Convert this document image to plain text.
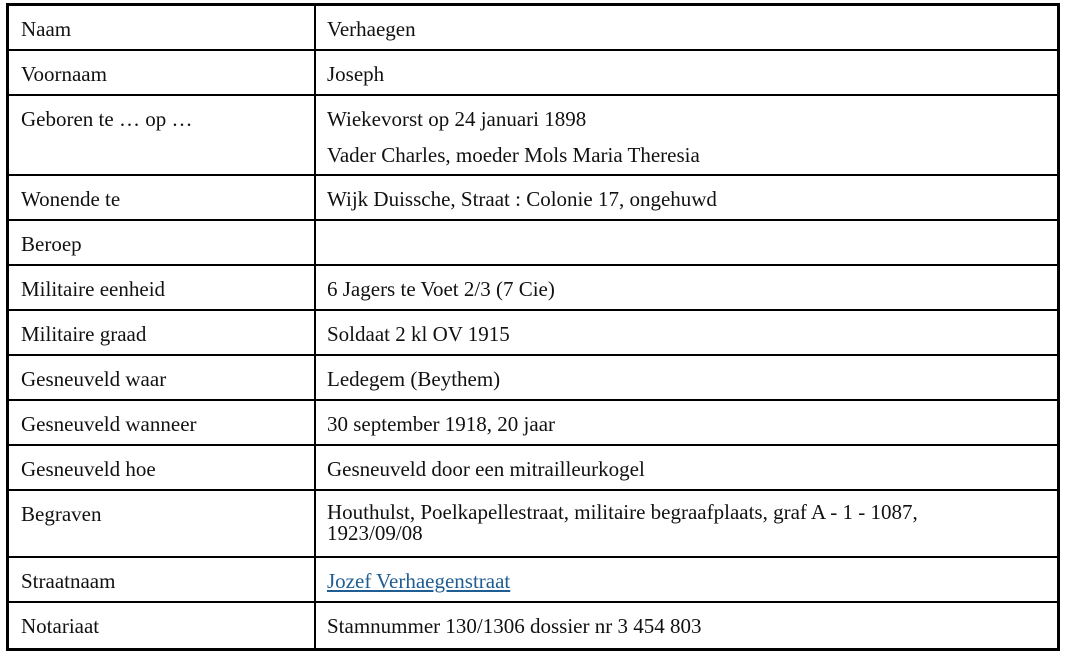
Naam	Verhaegen
Voornaam	Joseph
Geboren te … op …	Wiekevorst op 24 januari 1898
Vader Charles, moeder Mols Maria Theresia
Wonende te	Wijk Duissche, Straat : Colonie 17, ongehuwd
Beroep
Militaire eenheid	6 Jagers te Voet 2/3 (7 Cie)
Militaire graad	Soldaat 2 kl OV 1915
Gesneuveld waar	Ledegem (Beythem)
Gesneuveld wanneer	30 september 1918, 20 jaar
Gesneuveld hoe	Gesneuveld door een mitrailleurkogel
Begraven	Houthulst, Poelkapellestraat, militaire begraafplaats, graf A - 1 - 1087,
1923/09/08
Straatnaam	Jozef Verhaegenstraat
Notariaat	Stamnummer 130/1306 dossier nr 3 454 803
